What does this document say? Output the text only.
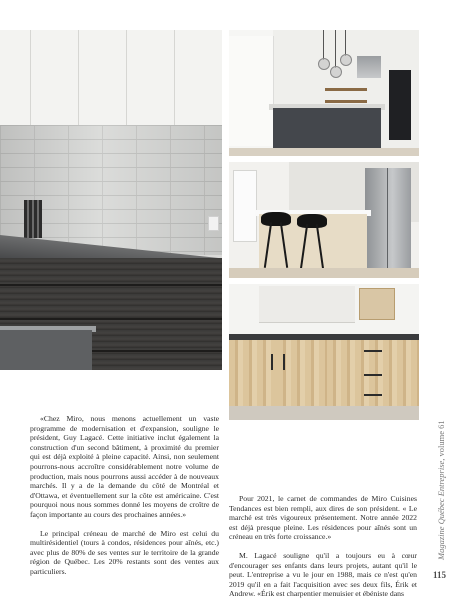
«Chez Miro, nous menons actuellement un vaste programme de modernisation et d'expansion, souligne le président, Guy Lagacé. Cette initiative inclut également la construction d'un second bâtiment, à proximité du premier qui est déjà exploité à pleine capacité. Ainsi, non seulement pourrons-nous accroître considérablement notre volume de production, mais nous pourrons aussi accéder à de nouveaux marchés. Il y a de la demande du côté de Montréal et d'Ottawa, et éventuellement sur la côte est américaine. C'est pourquoi nous nous sommes donné les moyens de croître de façon importante au cours des prochaines années.»

Le principal créneau de marché de Miro est celui du multirésidentiel (tours à condos, résidences pour aînés, etc.) avec plus de 80% de ses ventes sur le territoire de la grande région de Québec. Les 20% restants sont des ventes aux particuliers.

Pour 2021, le carnet de commandes de Miro Cuisines Tendances est bien rempli, aux dires de son président. « Le marché est très vigoureux présentement. Notre année 2022 est déjà presque pleine. Les résidences pour aînés sont un créneau en très forte croissance.»

M. Lagacé souligne qu'il a toujours eu à cœur d'encourager ses enfants dans leurs projets, autant qu'il le peut. L'entreprise a vu le jour en 1988, mais ce n'est qu'en 2019 qu'il en a fait l'acquisition avec ses deux fils, Érik et Andrew. «Érik est charpentier menuisier et ébéniste dans

Magazine Québec Entreprise, volume 61
115
